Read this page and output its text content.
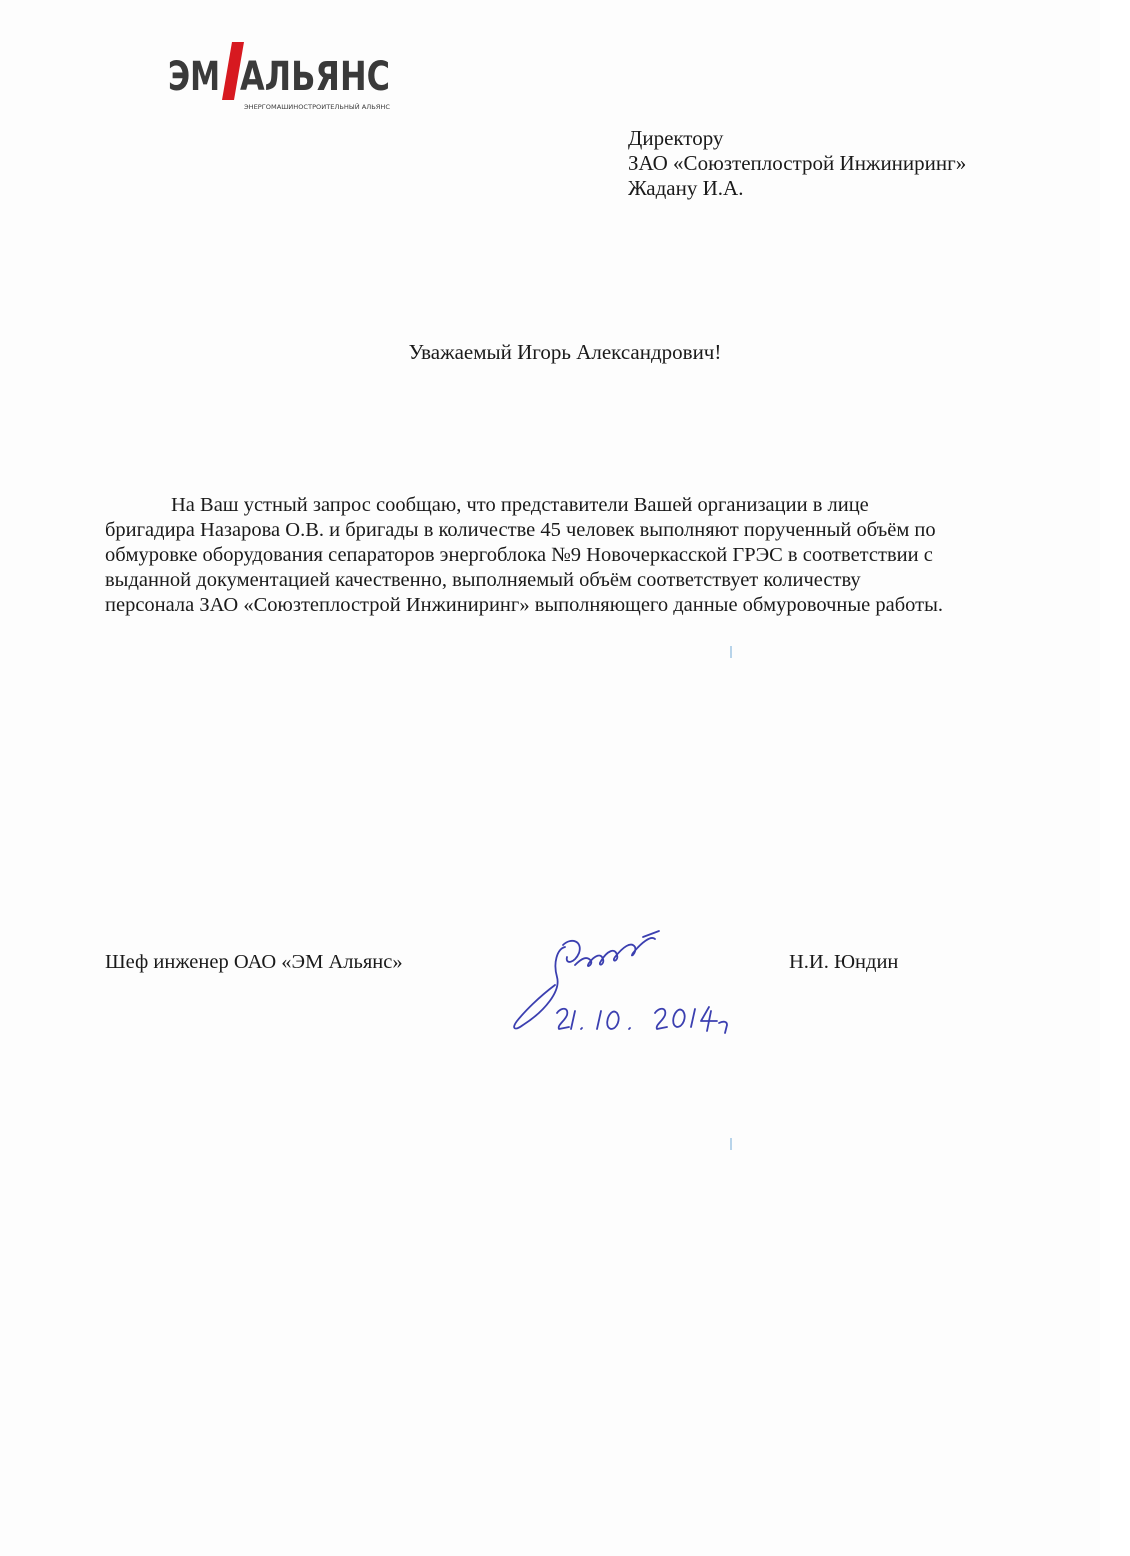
ЭМ АЛЬЯНС
ЭНЕРГОМАШИНОСТРОИТЕЛЬНЫЙ АЛЬЯНС
Директору
ЗАО «Союзтеплострой Инжиниринг»
Жадану И.А.
Уважаемый Игорь Александрович!
На Ваш устный запрос сообщаю, что представители Вашей организации в лице
бригадира Назарова О.В. и бригады в количестве 45 человек выполняют порученный объём по
обмуровке оборудования сепараторов энергоблока №9 Новочеркасской ГРЭС в соответствии с
выданной документацией качественно, выполняемый объём соответствует количеству
персонала ЗАО «Союзтеплострой Инжиниринг» выполняющего данные обмуровочные работы.
Шеф инженер ОАО «ЭМ Альянс»	Н.И. Юндин
